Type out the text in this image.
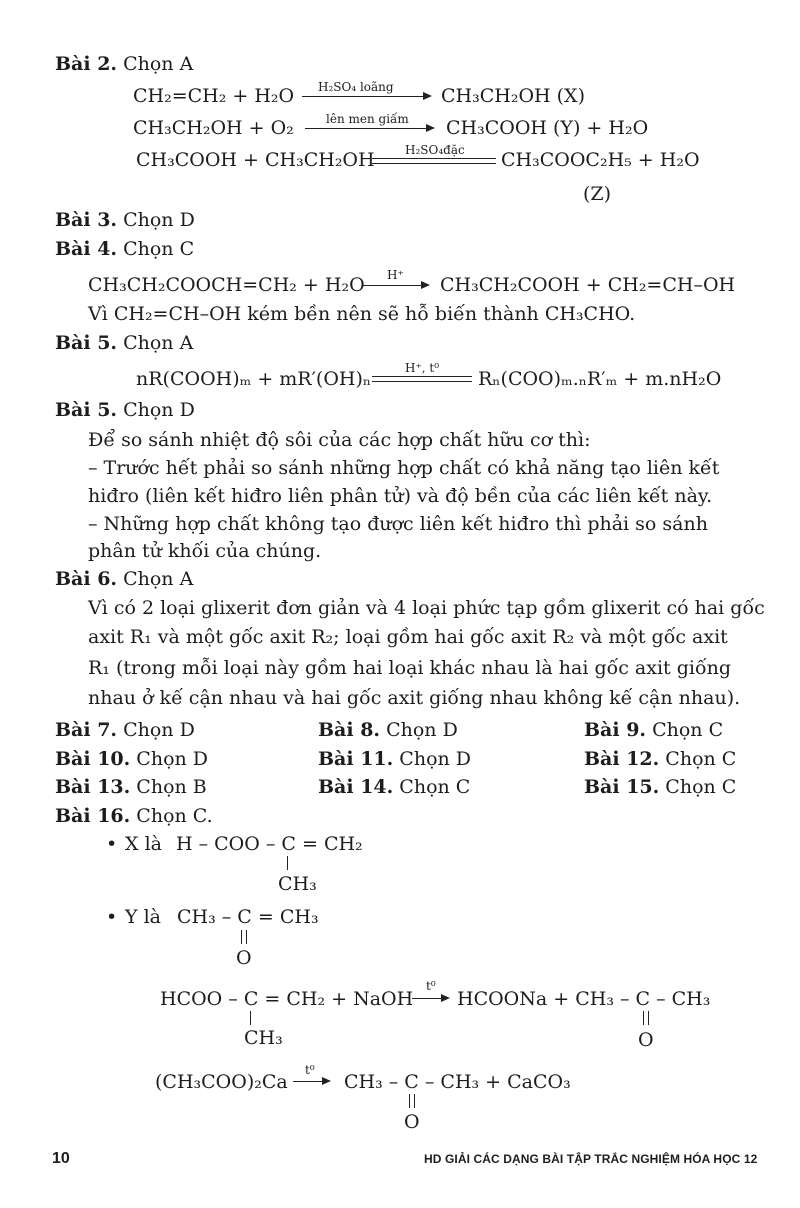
Bài 2. Chọn A
CH₂=CH₂ + H₂O H₂SO₄ loãng CH₃CH₂OH (X)
CH₃CH₂OH + O₂	lên men giấm CH₃COOH (Y) + H₂O
CH₃COOH + CH₃CH₂OH	H₂SO₄đặc CH₃COOC₂H₅ + H₂O
(Z)
Bài 3. Chọn D
Bài 4. Chọn C
CH₃CH₂COOCH=CH₂ + H₂O H⁺ CH₃CH₂COOH + CH₂=CH–OH
Vì CH₂=CH–OH kém bền nên sẽ hỗ biến thành CH₃CHO.
Bài 5. Chọn A
nR(COOH)ₘ + mR′(OH)ₙ	H⁺, t⁰ Rₙ(COO)ₘ.ₙR′ₘ + m.nH₂O
Bài 5. Chọn D
Để so sánh nhiệt độ sôi của các hợp chất hữu cơ thì:
– Trước hết phải so sánh những hợp chất có khả năng tạo liên kết
hiđro (liên kết hiđro liên phân tử) và độ bền của các liên kết này.
– Những hợp chất không tạo được liên kết hiđro thì phải so sánh
phân tử khối của chúng.
Bài 6. Chọn A
Vì có 2 loại glixerit đơn giản và 4 loại phức tạp gồm glixerit có hai gốc
axit R₁ và một gốc axit R₂; loại gồm hai gốc axit R₂ và một gốc axit
R₁ (trong mỗi loại này gồm hai loại khác nhau là hai gốc axit giống
nhau ở kế cận nhau và hai gốc axit giống nhau không kế cận nhau).
Bài 7. Chọn D	Bài 8. Chọn D	Bài 9. Chọn C
Bài 10. Chọn D	Bài 11. Chọn D	Bài 12. Chọn C
Bài 13. Chọn B	Bài 14. Chọn C	Bài 15. Chọn C
Bài 16. Chọn C.
• X là H – COO – C = CH₂
CH₃
• Y là CH₃ – C = CH₃
O
HCOO – C = CH₂ + NaOH
t⁰
→ HCOONa + CH₃ – C – CH₃
CH₃	O
(CH₃COO)₂Ca
t⁰
→ CH₃ – C – CH₃ + CaCO₃
O
10	HD GIẢI CÁC DẠNG BÀI TẬP TRẮC NGHIỆM HÓA HỌC 12
